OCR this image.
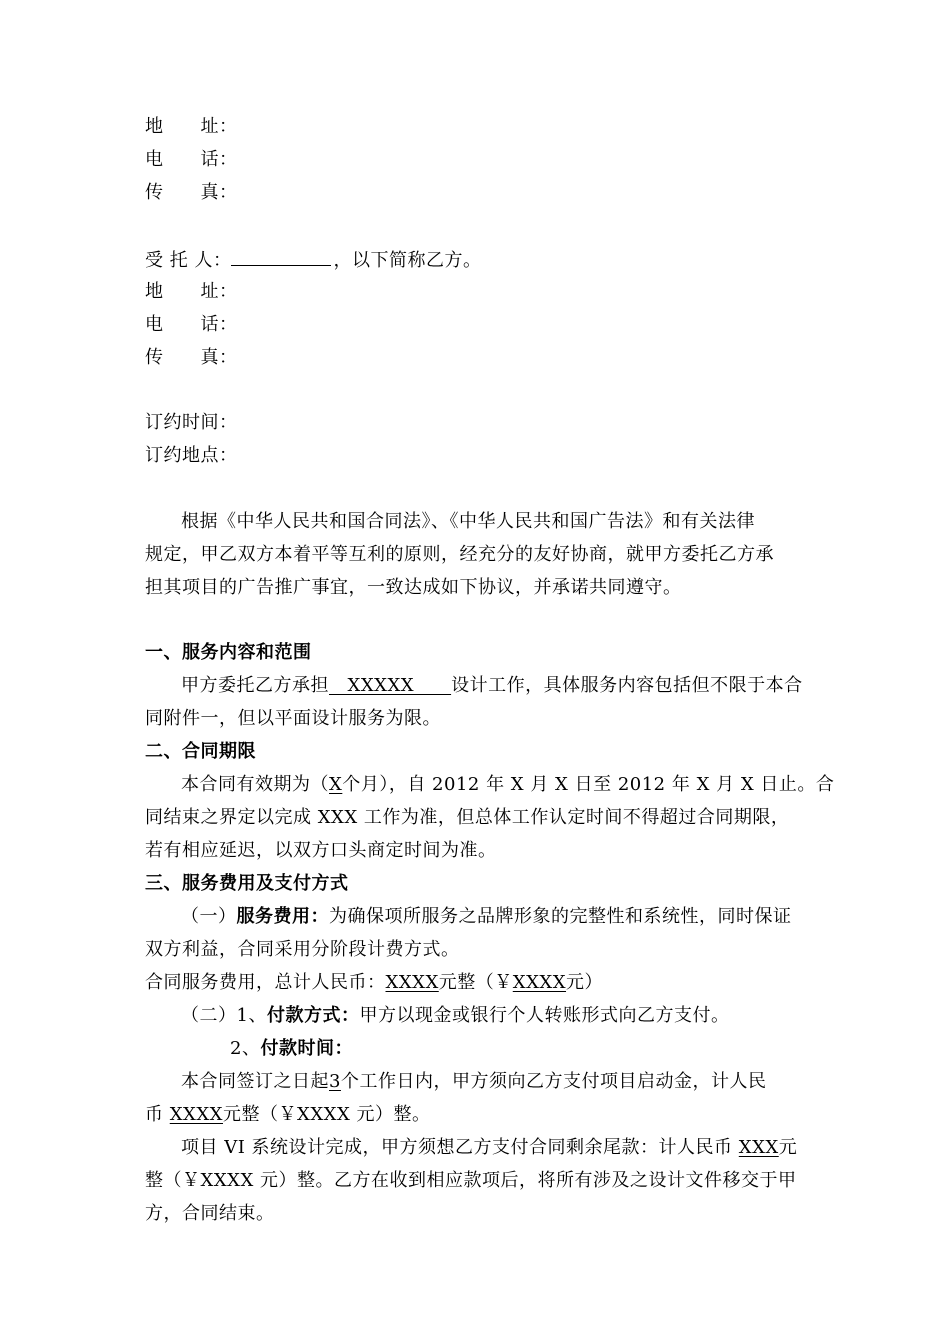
地　　址：
电　　话：
传　　真：
受 托 人：	，以下简称乙方。
地　　址：
电　　话：
传　　真：
订约时间：
订约地点：
根据《中华人民共和国合同法》、《中华人民共和国广告法》和有关法律
规定，甲乙双方本着平等互利的原则，经充分的友好协商，就甲方委托乙方承
担其项目的广告推广事宜，一致达成如下协议，并承诺共同遵守。
一、服务内容和范围
甲方委托乙方承担　XXXXX　　设计工作，具体服务内容包括但不限于本合
同附件一，但以平面设计服务为限。
二、合同期限
本合同有效期为（X个月），自 2012 年 X 月 X 日至 2012 年 X 月 X 日止。合
同结束之界定以完成 XXX 工作为准，但总体工作认定时间不得超过合同期限，
若有相应延迟，以双方口头商定时间为准。
三、服务费用及支付方式
（一）服务费用：为确保项所服务之品牌形象的完整性和系统性，同时保证
双方利益，合同采用分阶段计费方式。
合同服务费用，总计人民币：XXXX元整（￥XXXX元）
（二）1、付款方式：甲方以现金或银行个人转账形式向乙方支付。
2、付款时间：
本合同签订之日起3个工作日内，甲方须向乙方支付项目启动金，计人民
币 XXXX元整（￥XXXX 元）整。
项目 VI 系统设计完成，甲方须想乙方支付合同剩余尾款：计人民币 XXX元
整（￥XXXX 元）整。乙方在收到相应款项后，将所有涉及之设计文件移交于甲
方，合同结束。
